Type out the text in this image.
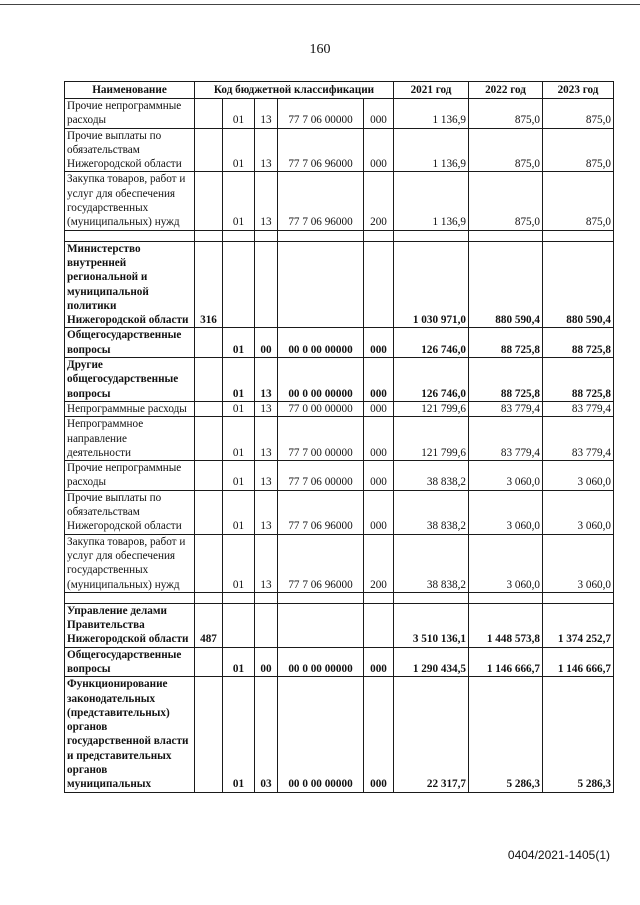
160
Наименование	Код бюджетной классификации					2021 год	2022 год	2023 год
Прочие непрограммные расходы		01	13	77 7 06 00000	000	1 136,9	875,0	875,0
Прочие выплаты по обязательствам Нижегородской области		01	13	77 7 06 96000	000	1 136,9	875,0	875,0
Закупка товаров, работ и услуг для обеспечения государственных (муниципальных) нужд		01	13	77 7 06 96000	200	1 136,9	875,0	875,0

Министерство внутренней региональной и муниципальной политики Нижегородской области	316					1 030 971,0	880 590,4	880 590,4
Общегосударственные вопросы		01	00	00 0 00 00000	000	126 746,0	88 725,8	88 725,8
Другие общегосударственные вопросы		01	13	00 0 00 00000	000	126 746,0	88 725,8	88 725,8
Непрограммные расходы		01	13	77 0 00 00000	000	121 799,6	83 779,4	83 779,4
Непрограммное направление деятельности		01	13	77 7 00 00000	000	121 799,6	83 779,4	83 779,4
Прочие непрограммные расходы		01	13	77 7 06 00000	000	38 838,2	3 060,0	3 060,0
Прочие выплаты по обязательствам Нижегородской области		01	13	77 7 06 96000	000	38 838,2	3 060,0	3 060,0
Закупка товаров, работ и услуг для обеспечения государственных (муниципальных) нужд		01	13	77 7 06 96000	200	38 838,2	3 060,0	3 060,0

Управление делами Правительства Нижегородской области	487					3 510 136,1	1 448 573,8	1 374 252,7
Общегосударственные вопросы		01	00	00 0 00 00000	000	1 290 434,5	1 146 666,7	1 146 666,7
Функционирование законодательных (представительных) органов государственной власти и представительных органов муниципальных		01	03	00 0 00 00000	000	22 317,7	5 286,3	5 286,3
0404/2021-1405(1)
